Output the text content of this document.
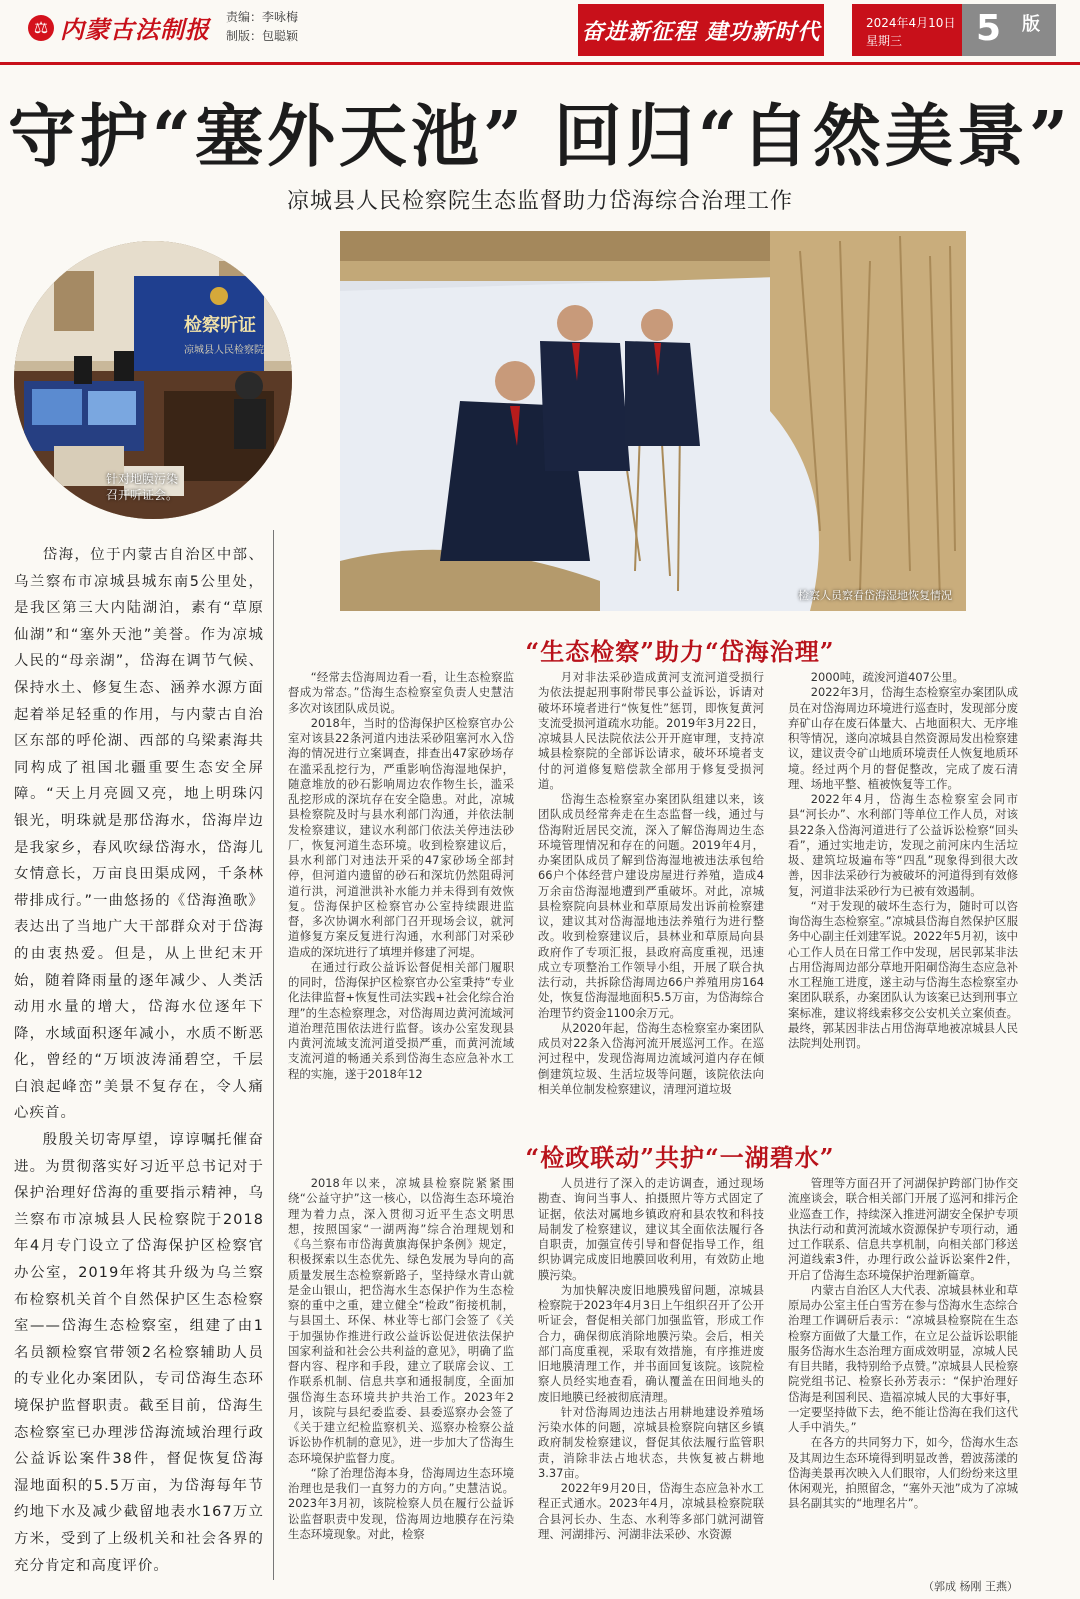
⚖ 内蒙古法制报 责编：李咏梅
制版：包聪颖	奋进新征程 建功新时代	2024年4月10日
星期三	5 版
守护“塞外天池” 回归“自然美景”
凉城县人民检察院生态监督助力岱海综合治理工作
检察听证
凉城县人民检察院
针对地膜污染
召开听证会。
检察人员察看岱海湿地恢复情况

岱海，位于内蒙古自治区中部、乌兰察布市凉城县城东南5公里处，是我区第三大内陆湖泊，素有“草原仙湖”和“塞外天池”美誉。作为凉城人民的“母亲湖”，岱海在调节气候、保持水土、修复生态、涵养水源方面起着举足轻重的作用，与内蒙古自治区东部的呼伦湖、西部的乌梁素海共同构成了祖国北疆重要生态安全屏障。“天上月亮圆又亮，地上明珠闪银光，明珠就是那岱海水，岱海岸边是我家乡，春风吹绿岱海水，岱海儿女情意长，万亩良田渠成网，千条林带排成行。”一曲悠扬的《岱海渔歌》表达出了当地广大干部群众对于岱海的由衷热爱。但是，从上世纪末开始，随着降雨量的逐年减少、人类活动用水量的增大，岱海水位逐年下降，水域面积逐年减小，水质不断恶化，曾经的“万顷波涛涌碧空，千层白浪起峰峦”美景不复存在，令人痛心疾首。

殷殷关切寄厚望，谆谆嘱托催奋进。为贯彻落实好习近平总书记对于保护治理好岱海的重要指示精神，乌兰察布市凉城县人民检察院于2018年4月专门设立了岱海保护区检察官办公室，2019年将其升级为乌兰察布检察机关首个自然保护区生态检察室——岱海生态检察室，组建了由1名员额检察官带领2名检察辅助人员的专业化办案团队，专司岱海生态环境保护监督职责。截至目前，岱海生态检察室已办理涉岱海流域治理行政公益诉讼案件38件，督促恢复岱海湿地面积的5.5万亩，为岱海每年节约地下水及减少截留地表水167万立方米，受到了上级机关和社会各界的充分肯定和高度评价。

“生态检察”助力“岱海治理”

“经常去岱海周边看一看，让生态检察监督成为常态。”岱海生态检察室负责人史慧洁多次对该团队成员说。

2018年，当时的岱海保护区检察官办公室对该县22条河道内违法采砂阻塞河水入岱海的情况进行立案调查，排查出47家砂场存在滥采乱挖行为，严重影响岱海湿地保护，随意堆放的砂石影响周边农作物生长，滥采乱挖形成的深坑存在安全隐患。对此，凉城县检察院及时与县水利部门沟通，并依法制发检察建议，建议水利部门依法关停违法砂厂，恢复河道生态环境。收到检察建议后，县水利部门对违法开采的47家砂场全部封停，但河道内遗留的砂石和深坑仍然阻碍河道行洪，河道泄洪补水能力并未得到有效恢复。岱海保护区检察官办公室持续跟进监督，多次协调水利部门召开现场会议，就河道修复方案反复进行沟通，水利部门对采砂造成的深坑进行了填埋并修建了河堤。

在通过行政公益诉讼督促相关部门履职的同时，岱海保护区检察官办公室秉持“专业化法律监督+恢复性司法实践+社会化综合治理”的生态检察理念，对岱海周边黄河流域河道治理范围依法进行监督。该办公室发现县内黄河流域支流河道受损严重，而黄河流域支流河道的畅通关系到岱海生态应急补水工程的实施，遂于2018年12

月对非法采砂造成黄河支流河道受损行为依法提起刑事附带民事公益诉讼，诉请对破坏环境者进行“恢复性”惩罚，即恢复黄河支流受损河道疏水功能。2019年3月22日，凉城县人民法院依法公开开庭审理，支持凉城县检察院的全部诉讼请求，破坏环境者支付的河道修复赔偿款全部用于修复受损河道。

岱海生态检察室办案团队组建以来，该团队成员经常奔走在生态监督一线，通过与岱海附近居民交流，深入了解岱海周边生态环境管理情况和存在的问题。2019年4月，办案团队成员了解到岱海湿地被违法承包给66户个体经营户建设房屋进行养殖，造成4万余亩岱海湿地遭到严重破坏。对此，凉城县检察院向县林业和草原局发出诉前检察建议，建议其对岱海湿地违法养殖行为进行整改。收到检察建议后，县林业和草原局向县政府作了专项汇报，县政府高度重视，迅速成立专项整治工作领导小组，开展了联合执法行动，共拆除岱海周边66户养殖用房164处，恢复岱海湿地面积5.5万亩，为岱海综合治理节约资金1100余万元。

从2020年起，岱海生态检察室办案团队成员对22条入岱海河流开展巡河工作。在巡河过程中，发现岱海周边流域河道内存在倾倒建筑垃圾、生活垃圾等问题，该院依法向相关单位制发检察建议，清理河道垃圾

2000吨，疏浚河道407公里。

2022年3月，岱海生态检察室办案团队成员在对岱海周边环境进行巡查时，发现部分废弃矿山存在废石体量大、占地面积大、无序堆积等情况，遂向凉城县自然资源局发出检察建议，建议责令矿山地质环境责任人恢复地质环境。经过两个月的督促整改，完成了废石清理、场地平整、植被恢复等工作。

2022年4月，岱海生态检察室会同市县“河长办”、水利部门等单位工作人员，对该县22条入岱海河道进行了公益诉讼检察“回头看”，通过实地走访，发现之前河床内生活垃圾、建筑垃圾遍布等“四乱”现象得到很大改善，因非法采砂行为被破坏的河道得到有效修复，河道非法采砂行为已被有效遏制。

“对于发现的破坏生态行为，随时可以咨询岱海生态检察室。”凉城县岱海自然保护区服务中心副主任刘建军说。2022年5月初，该中心工作人员在日常工作中发现，居民郭某非法占用岱海周边部分草地开阳硐岱海生态应急补水工程施工进度，遂主动与岱海生态检察室办案团队联系，办案团队认为该案已达到刑事立案标准，建议将线索移交公安机关立案侦查。最终，郭某因非法占用岱海草地被凉城县人民法院判处刑罚。

“检政联动”共护“一湖碧水”

2018年以来，凉城县检察院紧紧围绕“公益守护”这一核心，以岱海生态环境治理为着力点，深入贯彻习近平生态文明思想，按照国家“一湖两海”综合治理规划和《乌兰察布市岱海黄旗海保护条例》规定，积极探索以生态优先、绿色发展为导向的高质量发展生态检察新路子，坚持绿水青山就是金山银山，把岱海水生态保护作为生态检察的重中之重，建立健全“检政”衔接机制，与县国土、环保、林业等七部门会签了《关于加强协作推进行政公益诉讼促进依法保护国家利益和社会公共利益的意见》，明确了监督内容、程序和手段，建立了联席会议、工作联系机制、信息共享和通报制度，全面加强岱海生态环境共护共治工作。2023年2月，该院与县纪委监委、县委巡察办会签了《关于建立纪检监察机关、巡察办检察公益诉讼协作机制的意见》，进一步加大了岱海生态环境保护监督力度。

“除了治理岱海本身，岱海周边生态环境治理也是我们一直努力的方向。”史慧洁说。2023年3月初，该院检察人员在履行公益诉讼监督职责中发现，岱海周边地膜存在污染生态环境现象。对此，检察

人员进行了深入的走访调查，通过现场勘查、询问当事人、拍摄照片等方式固定了证据，依法对属地乡镇政府和县农牧和科技局制发了检察建议，建议其全面依法履行各自职责，加强宣传引导和督促指导工作，组织协调完成废旧地膜回收利用，有效防止地膜污染。

为加快解决废旧地膜残留问题，凉城县检察院于2023年4月3日上午组织召开了公开听证会，督促相关部门加强监管，形成工作合力，确保彻底消除地膜污染。会后，相关部门高度重视，采取有效措施，有序推进废旧地膜清理工作，并书面回复该院。该院检察人员经实地查看，确认覆盖在田间地头的废旧地膜已经被彻底清理。

针对岱海周边违法占用耕地建设养殖场污染水体的问题，凉城县检察院向辖区乡镇政府制发检察建议，督促其依法履行监管职责，消除非法占地状态，共恢复被占耕地3.37亩。

2022年9月20日，岱海生态应急补水工程正式通水。2023年4月，凉城县检察院联合县河长办、生态、水利等多部门就河湖管理、河湖排污、河湖非法采砂、水资源

管理等方面召开了河湖保护跨部门协作交流座谈会，联合相关部门开展了巡河和排污企业巡查工作，持续深入推进河湖安全保护专项执法行动和黄河流域水资源保护专项行动，通过工作联系、信息共享机制，向相关部门移送河道线索3件，办理行政公益诉讼案件2件，开启了岱海生态环境保护治理新篇章。

内蒙古自治区人大代表、凉城县林业和草原局办公室主任白雪芳在参与岱海水生态综合治理工作调研后表示：“凉城县检察院在生态检察方面做了大量工作，在立足公益诉讼职能服务岱海水生态治理方面成效明显，凉城人民有目共睹，我特别给予点赞。”凉城县人民检察院党组书记、检察长孙芳表示：“保护治理好岱海是利国利民、造福凉城人民的大事好事，一定要坚持做下去，绝不能让岱海在我们这代人手中消失。”

在各方的共同努力下，如今，岱海水生态及其周边生态环境得到明显改善，碧波荡漾的岱海美景再次映入人们眼帘，人们纷纷来这里休闲观光，拍照留念，“塞外天池”成为了凉城县名副其实的“地理名片”。

（郭成 杨刚 王燕）
